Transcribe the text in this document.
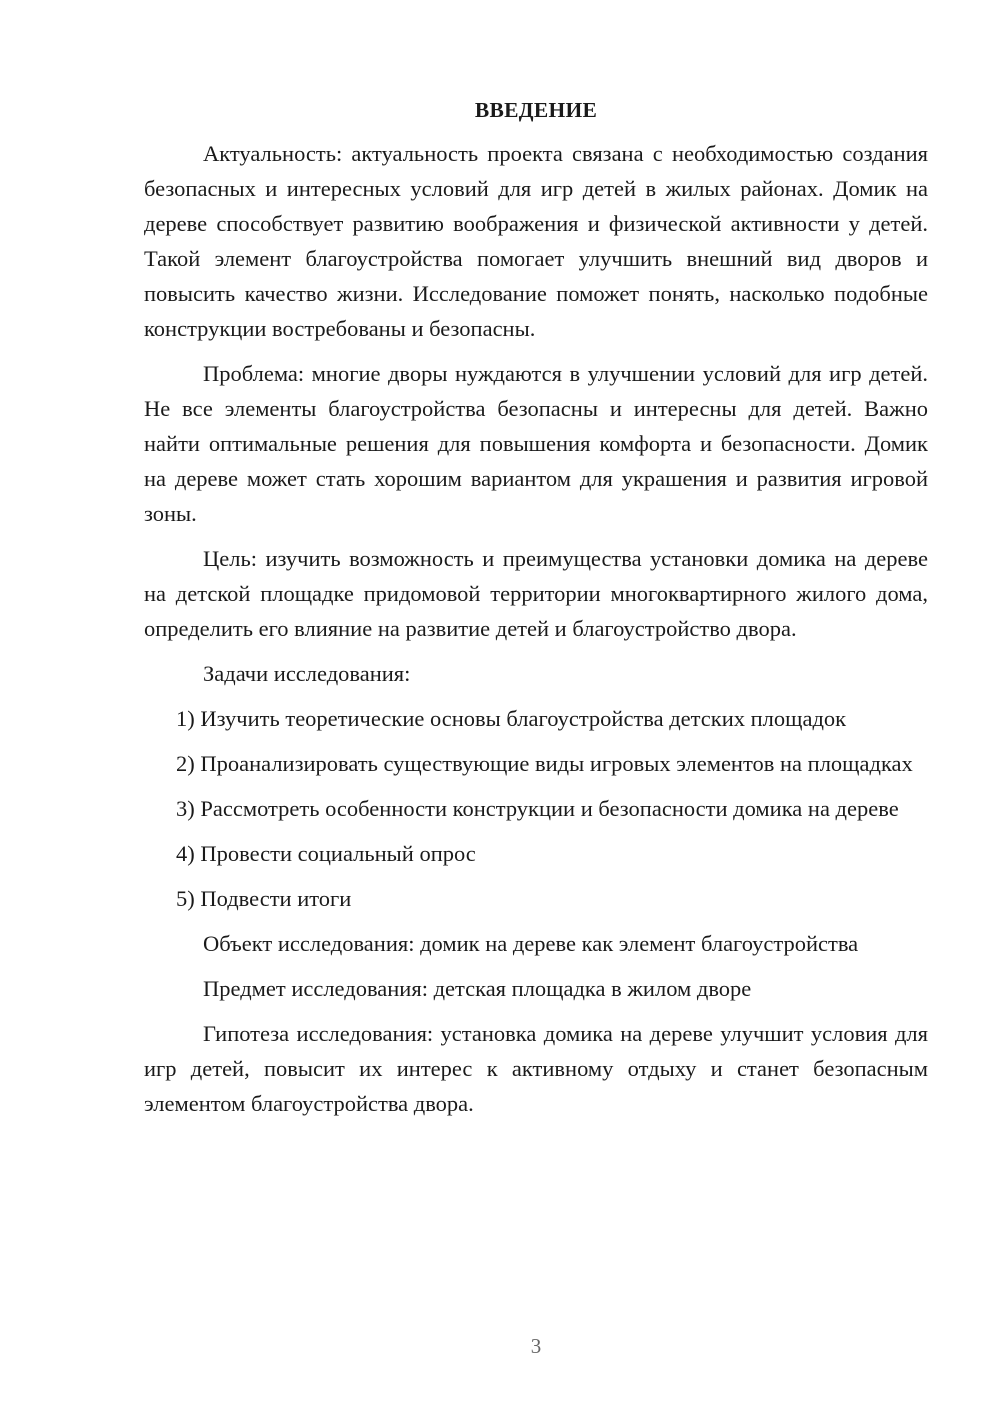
ВВЕДЕНИЕ

Актуальность: актуальность проекта связана с необходимостью создания безопасных и интересных условий для игр детей в жилых районах. Домик на дереве способствует развитию воображения и физической активности у детей. Такой элемент благоустройства помогает улучшить внешний вид дворов и повысить качество жизни. Исследование поможет понять, насколько подобные конструкции востребованы и безопасны.

Проблема: многие дворы нуждаются в улучшении условий для игр детей. Не все элементы благоустройства безопасны и интересны для детей. Важно найти оптимальные решения для повышения комфорта и безопасности. Домик на дереве может стать хорошим вариантом для украшения и развития игровой зоны.

Цель: изучить возможность и преимущества установки домика на дереве на детской площадке придомовой территории многоквартирного жилого дома, определить его влияние на развитие детей и благоустройство двора.

Задачи исследования:

1) Изучить теоретические основы благоустройства детских площадок

2) Проанализировать существующие виды игровых элементов на площадках

3) Рассмотреть особенности конструкции и безопасности домика на дереве

4) Провести социальный опрос

5) Подвести итоги

Объект исследования: домик на дереве как элемент благоустройства

Предмет исследования: детская площадка в жилом дворе

Гипотеза исследования: установка домика на дереве улучшит условия для игр детей, повысит их интерес к активному отдыху и станет безопасным элементом благоустройства двора.

3
